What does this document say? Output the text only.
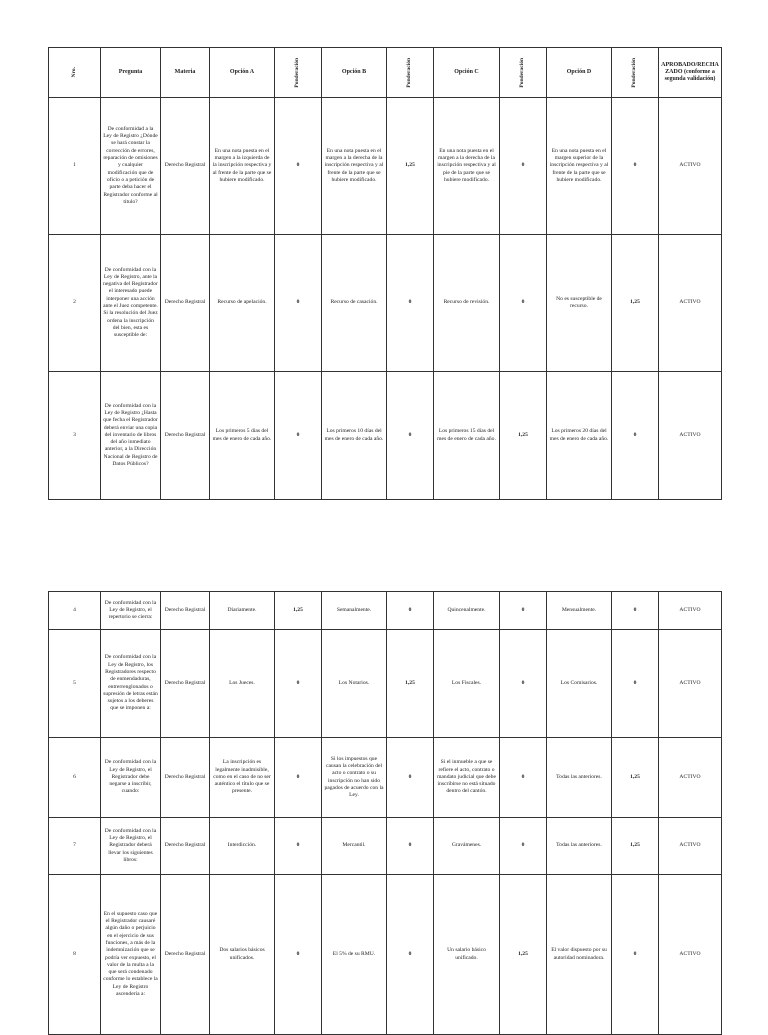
Nro.	Pregunta	Materia	Opción A	Ponderación	Opción B	Ponderación	Opción C	Ponderación	Opción D	Ponderación	APROBADO/RECHAZADO (conforme a segunda validación)
1	De conformidad a la Ley de Registro ¿Dónde se hará constar la corrección de errores, reparación de omisiones y cualquier modificación que de oficio o a petición de parte deba hacer el Registrador conforme al título?	Derecho Registral	En una nota puesta en el margen a la izquierda de la inscripción respectiva y al frente de la parte que se hubiere modificado.	0	En una nota puesta en el margen a la derecha de la inscripción respectiva y al frente de la parte que se hubiere modificado.	1,25	En una nota puesta en el margen a la derecha de la inscripción respectiva y al pie de la parte que se hubiere modificado.	0	En una nota puesta en el margen superior de la inscripción respectiva y al frente de la parte que se hubiere modificado.	0	ACTIVO
2	De conformidad con la Ley de Registro, ante la negativa del Registrador el interesado puede interponer una acción ante el Juez competente. Si la resolución del Juez ordena la inscripción del bien, esta es susceptible de:	Derecho Registral	Recurso de apelación.	0	Recurso de casación.	0	Recurso de revisión.	0	No es susceptible de recurso.	1,25	ACTIVO
3	De conformidad con la Ley de Registro ¿Hasta que fecha el Registrador deberá enviar una copia del inventario de libros del año inmediato anterior, a la Dirección Nacional de Registro de Datos Públicos?	Derecho Registral	Los primeros 5 días del mes de enero de cada año.	0	Los primeros 10 días del mes de enero de cada año.	0	Los primeros 15 días del mes de enero de cada año.	1,25	Los primeros 20 días del mes de enero de cada año.	0	ACTIVO
4	De conformidad con la Ley de Registro, el repertorio se cierra:	Derecho Registral	Diariamente.	1,25	Semanalmente.	0	Quincenalmente.	0	Mensualmente.	0	ACTIVO
5	De conformidad con la Ley de Registro, los Registradores respecto de enmendaduras, entrerrenglonados o supresión de letras están sujetos a los deberes que se imponen a:	Derecho Registral	Los Jueces.	0	Los Notarios.	1,25	Los Fiscales.	0	Los Comisarios.	0	ACTIVO
6	De conformidad con la Ley de Registro, el Registrador debe negarse a inscribir, cuando:	Derecho Registral	La inscripción es legalmente inadmisible, como en el caso de no ser auténtico el título que se presente.	0	Si los impuestos que causan la celebración del acto o contrato o su inscripción no han sido pagados de acuerdo con la Ley.	0	Si el inmueble a que se refiere el acto, contrato o mandato judicial que debe inscribirse no está situado dentro del cantón.	0	Todas las anteriores.	1,25	ACTIVO
7	De conformidad con la Ley de Registro, el Registrador deberá llevar los siguientes libros:	Derecho Registral	Interdicción.	0	Mercantil.	0	Gravámenes.	0	Todas las anteriores.	1,25	ACTIVO
8	En el supuesto caso que el Registrador causaré algún daño o perjuicio en el ejercicio de sus funciones, a más de la indemnización que se podría ver expuesto, el valor de la multa a la que será condenado conforme lo establece la Ley de Registro ascendería a:	Derecho Registral	Dos salarios básicos unificados.	0	El 5% de su RMU.	0	Un salario básico unificado.	1,25	El valor dispuesto por su autoridad nominadora.	0	ACTIVO
